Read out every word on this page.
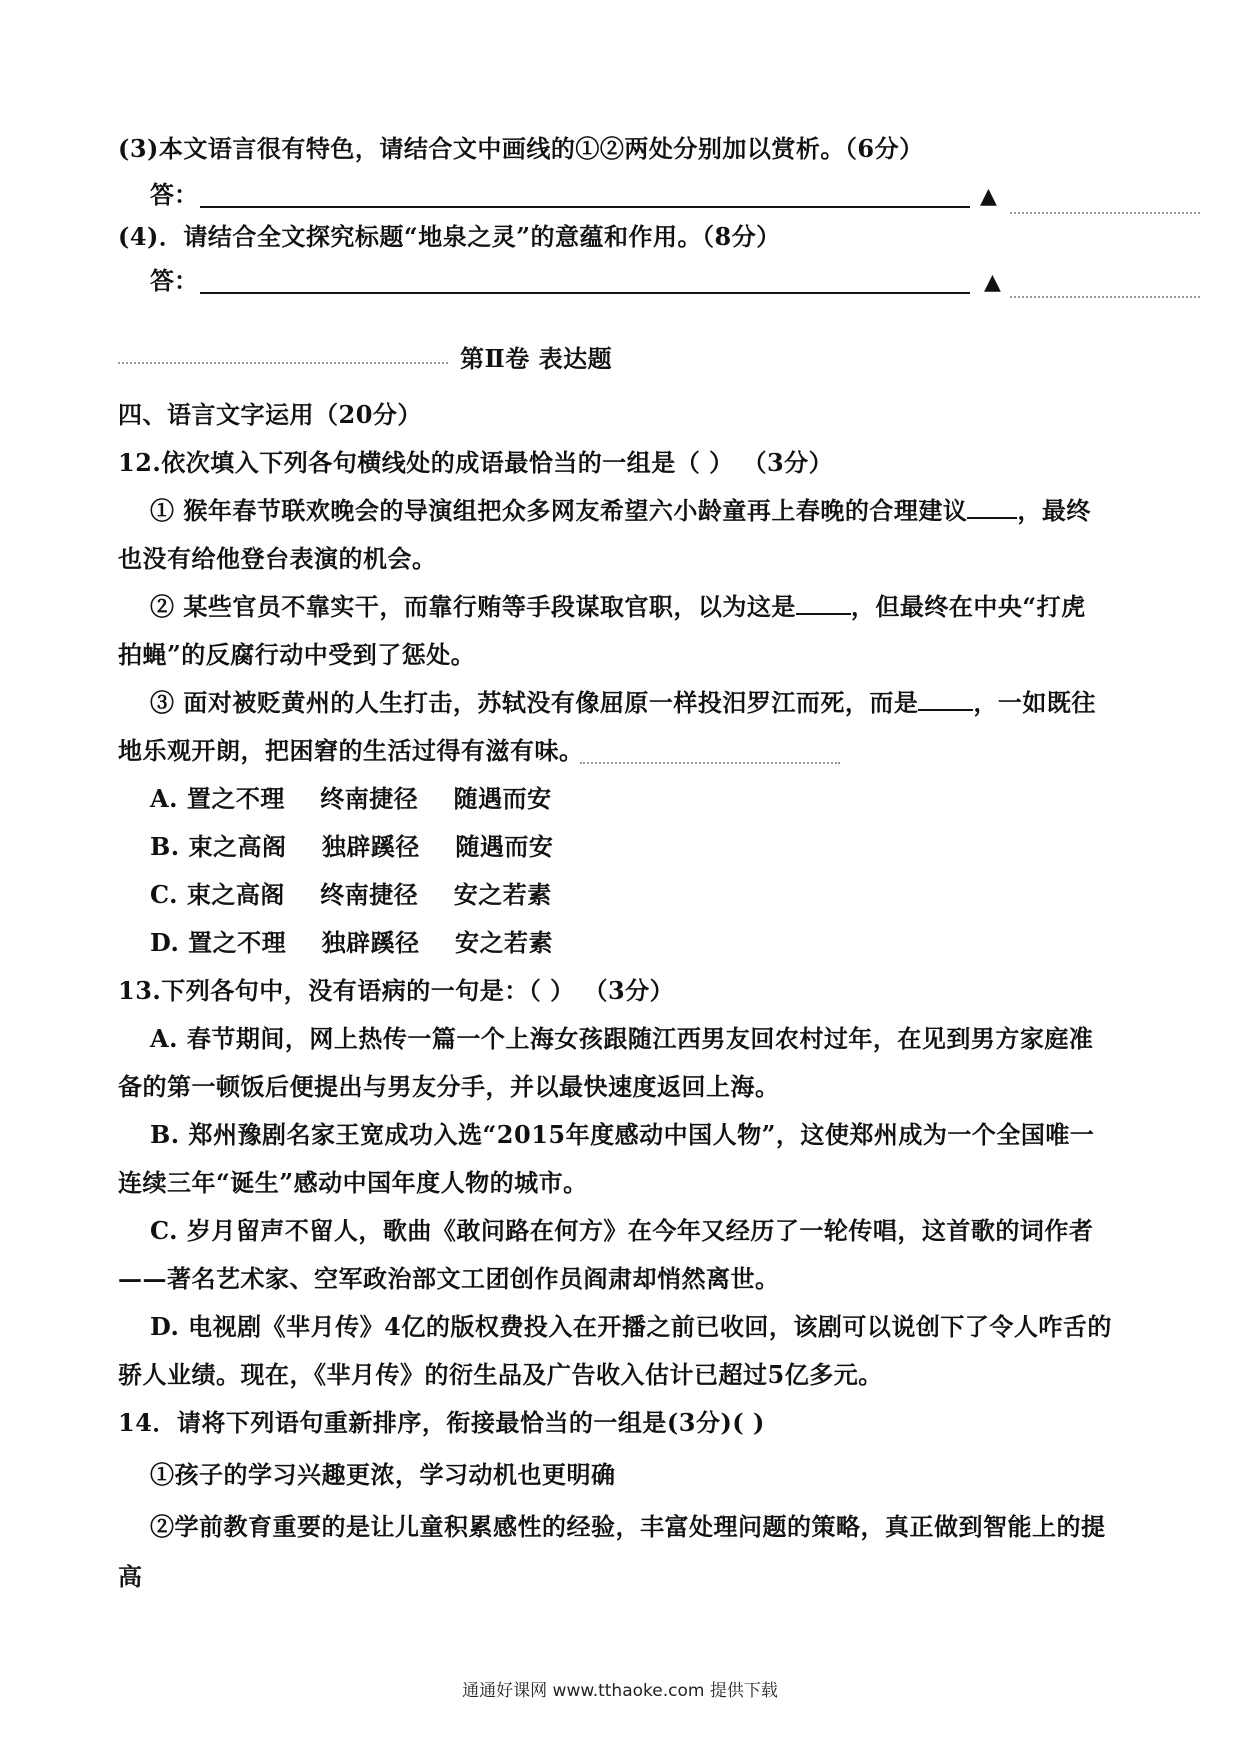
(3)本文语言很有特色，请结合文中画线的①②两处分别加以赏析。（6分）
答：	▲
(4)．请结合全文探究标题“地泉之灵”的意蕴和作用。（8分）
答：	▲
第Ⅱ卷 表达题
四、语言文字运用（20分）
12.依次填入下列各句横线处的成语最恰当的一组是（ ） （3分）
① 猴年春节联欢晚会的导演组把众多网友希望六小龄童再上春晚的合理建议 ，最终
也没有给他登台表演的机会。
② 某些官员不靠实干，而靠行贿等手段谋取官职，以为这是 ，但最终在中央“打虎
拍蝇”的反腐行动中受到了惩处。
③ 面对被贬黄州的人生打击，苏轼没有像屈原一样投汨罗江而死，而是 ，一如既往
地乐观开朗，把困窘的生活过得有滋有味。
A. 置之不理    终南捷径    随遇而安
B. 束之高阁    独辟蹊径    随遇而安
C. 束之高阁    终南捷径    安之若素
D. 置之不理    独辟蹊径    安之若素
13.下列各句中，没有语病的一句是：（ ） （3分）
A. 春节期间，网上热传一篇一个上海女孩跟随江西男友回农村过年，在见到男方家庭准
备的第一顿饭后便提出与男友分手，并以最快速度返回上海。
B. 郑州豫剧名家王宽成功入选“2015年度感动中国人物”，这使郑州成为一个全国唯一
连续三年“诞生”感动中国年度人物的城市。
C. 岁月留声不留人，歌曲《敢问路在何方》在今年又经历了一轮传唱，这首歌的词作者
——著名艺术家、空军政治部文工团创作员阎肃却悄然离世。
D. 电视剧《芈月传》4亿的版权费投入在开播之前已收回，该剧可以说创下了令人咋舌的
骄人业绩。现在，《芈月传》的衍生品及广告收入估计已超过5亿多元。
14．请将下列语句重新排序，衔接最恰当的一组是(3分)( )
①孩子的学习兴趣更浓，学习动机也更明确
②学前教育重要的是让儿童积累感性的经验，丰富处理问题的策略，真正做到智能上的提
高
通通好课网 www.tthaoke.com 提供下载
